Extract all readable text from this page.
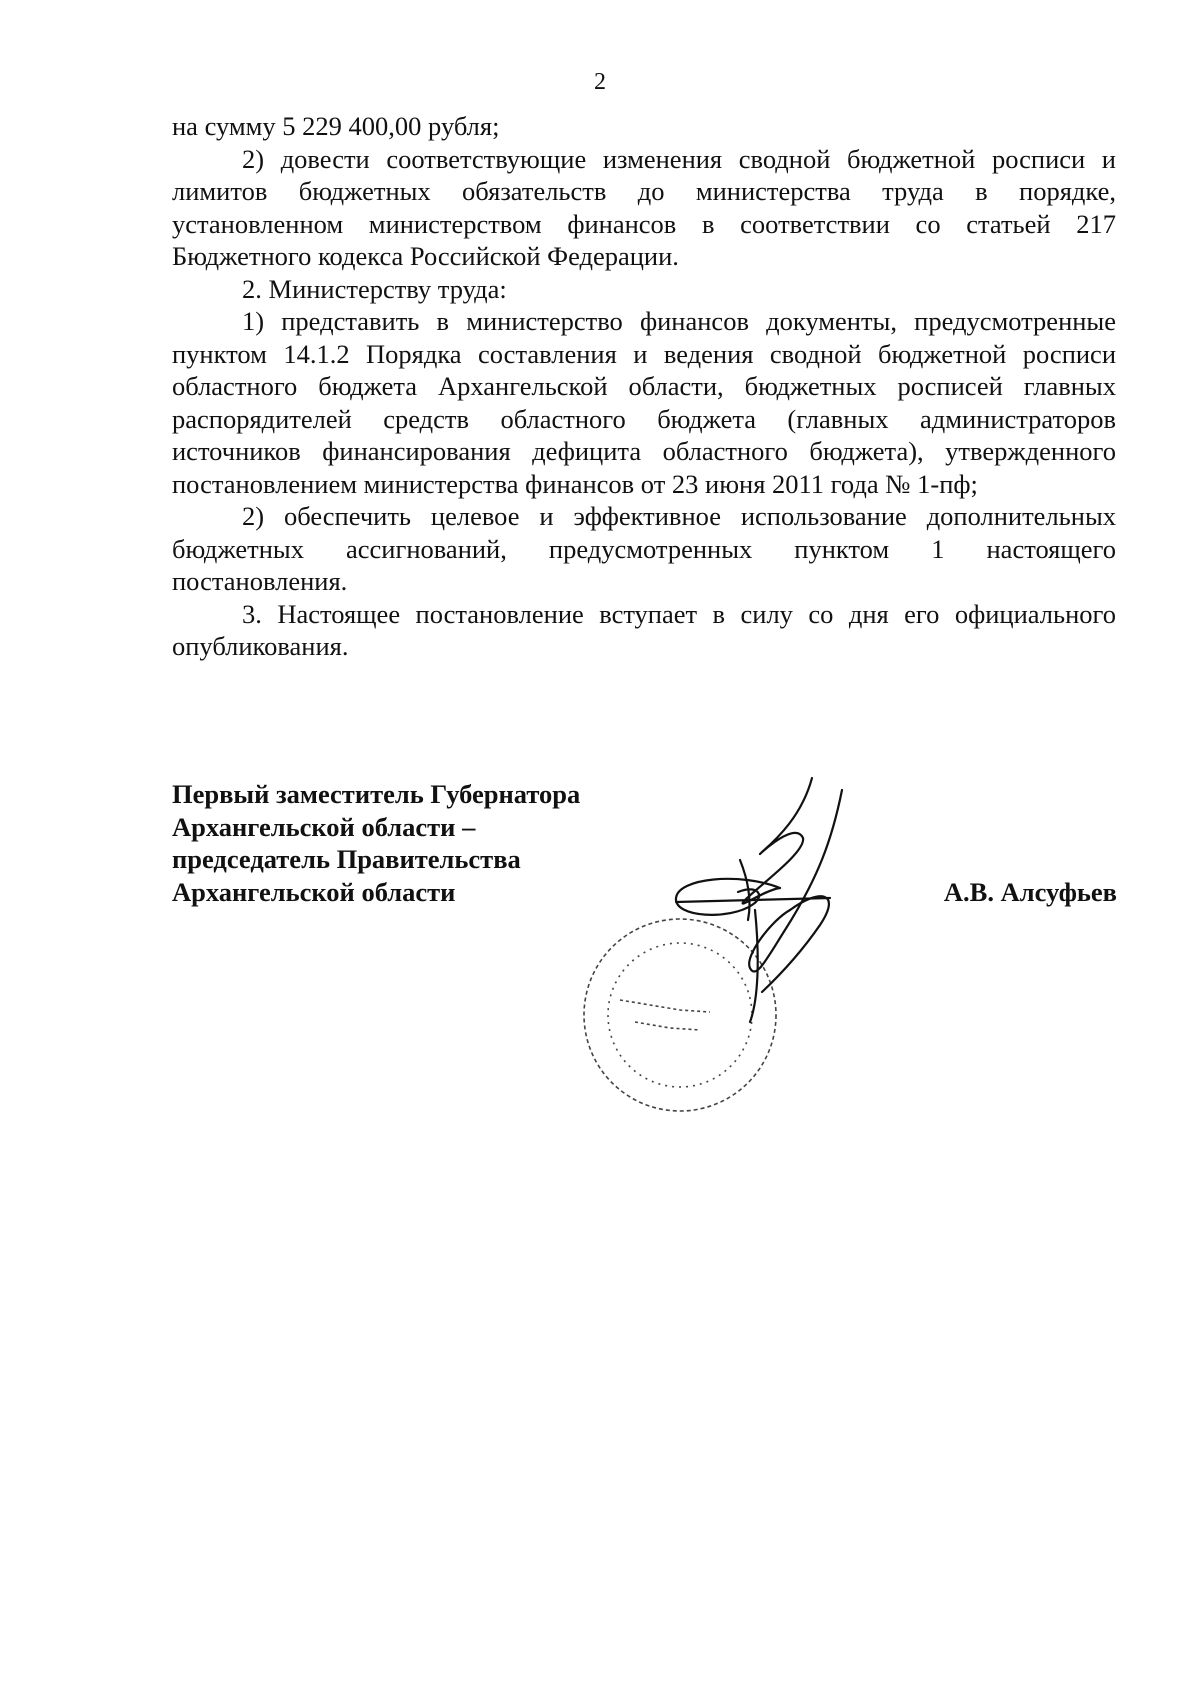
2

на сумму 5 229 400,00 рубля;

2) довести соответствующие изменения сводной бюджетной росписи и лимитов бюджетных обязательств до министерства труда в порядке, установленном министерством финансов в соответствии со статьей 217 Бюджетного кодекса Российской Федерации.

2. Министерству труда:

1) представить в министерство финансов документы, предусмотренные пунктом 14.1.2 Порядка составления и ведения сводной бюджетной росписи областного бюджета Архангельской области, бюджетных росписей главных распорядителей средств областного бюджета (главных администраторов источников финансирования дефицита областного бюджета), утвержденного постановлением министерства финансов от 23 июня 2011 года № 1-пф;

2) обеспечить целевое и эффективное использование дополнительных бюджетных ассигнований, предусмотренных пунктом 1 настоящего постановления.

3. Настоящее постановление вступает в силу со дня его официального опубликования.

Первый заместитель Губернатора
Архангельской области –
председатель Правительства
Архангельской области	А.В. Алсуфьев
